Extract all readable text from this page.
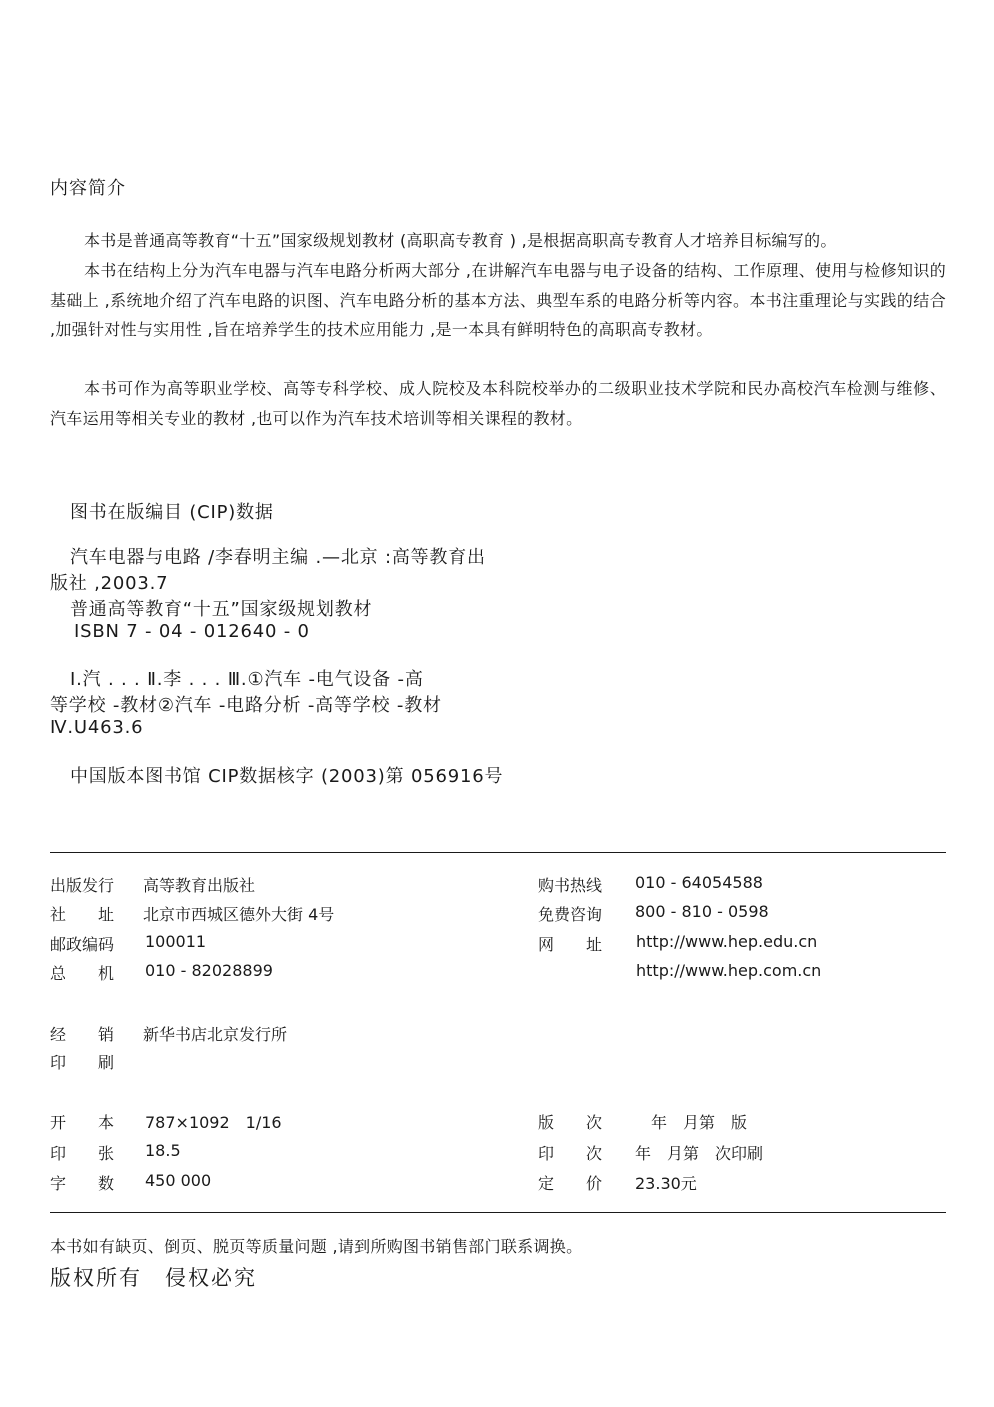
内容简介
本书是普通高等教育“十五”国家级规划教材 (高职高专教育 ) ,是根据高职高专教育人才培养目标编写的。
本书在结构上分为汽车电器与汽车电路分析两大部分 ,在讲解汽车电器与电子设备的结构、工作原理、使用与检修知识的基础上 ,系统地介绍了汽车电路的识图、汽车电路分析的基本方法、典型车系的电路分析等内容。本书注重理论与实践的结合 ,加强针对性与实用性 ,旨在培养学生的技术应用能力 ,是一本具有鲜明特色的高职高专教材。
本书可作为高等职业学校、高等专科学校、成人院校及本科院校举办的二级职业技术学院和民办高校汽车检测与维修、汽车运用等相关专业的教材 ,也可以作为汽车技术培训等相关课程的教材。
图书在版编目 (CIP)数据
汽车电器与电路 /李春明主编 .—北京 :高等教育出
版社 ,2003.7
普通高等教育“十五”国家级规划教材
ISBN 7 - 04 - 012640 - 0
Ⅰ.汽 . . . Ⅱ.李 . . . Ⅲ.①汽车 -电气设备 -高
等学校 -教材②汽车 -电路分析 -高等学校 -教材
Ⅳ.U463.6
中国版本图书馆 CIP数据核字 (2003)第 056916号
出版发行 高等教育出版社
社　　址 北京市西城区德外大街 4号
邮政编码 100011
总　　机 010 - 82028899
购书热线 010 - 64054588
免费咨询 800 - 810 - 0598
网　　址 http://www.hep.edu.cn
http://www.hep.com.cn
经　　销 新华书店北京发行所
印　　刷
开　　本 787×1092　1/16
印　　张 18.5
字　　数 450 000
版　　次 　年　月第　版
印　　次 年　月第　次印刷
定　　价 23.30元
本书如有缺页、倒页、脱页等质量问题 ,请到所购图书销售部门联系调换。
版权所有　侵权必究
